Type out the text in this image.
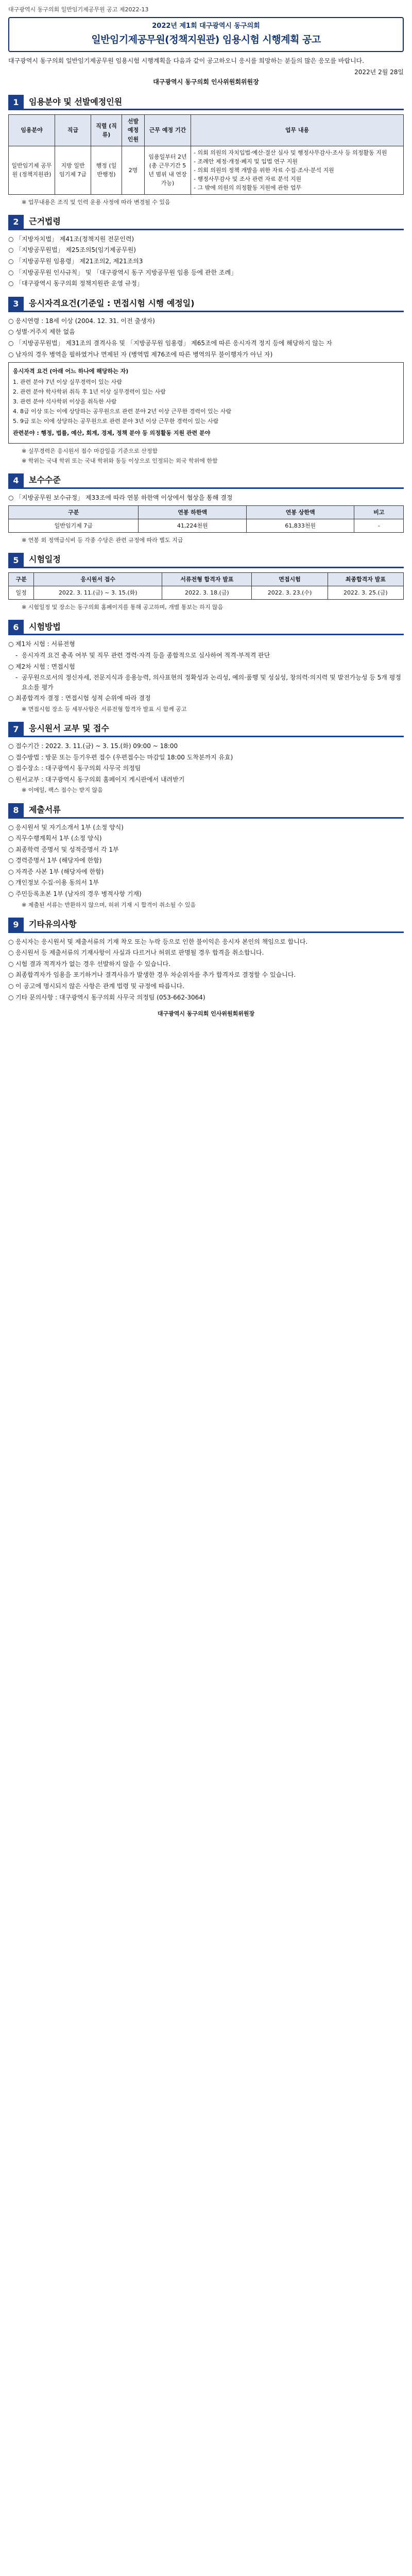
대구광역시 동구의회 일반임기제공무원 공고 제2022-13
2022년 제1회 대구광역시 동구의회
일반임기제공무원(정책지원관) 임용시험 시행계획 공고

대구광역시 동구의회 일반임기제공무원 임용시험 시행계획을 다음과 같이 공고하오니 응시를 희망하는 분들의 많은 응모를 바랍니다.

2022년 2월 28일
대구광역시 동구의회 인사위원회위원장
1	임용분야 및 선발예정인원
임용분야	직급	직렬 (직류)	선발 예정 인원	근무 예정 기간	업무 내용
일반임기제 공무원 (정책지원관)	지방 일반 임기제 7급	행정 (일반행정)	2명	임용일부터 2년 (총 근무기간 5년 범위 내 연장 가능)	- 의회 의원의 자치입법·예산·결산 심사 및 행정사무감사·조사 등 의정활동 지원
- 조례안 제정·개정·폐지 및 입법 연구 지원
- 의회 의원의 정책 개발을 위한 자료 수집·조사·분석 지원
- 행정사무감사 및 조사 관련 자료 분석 지원
- 그 밖에 의원의 의정활동 지원에 관한 업무
※ 업무내용은 조직 및 인력 운용 사정에 따라 변경될 수 있음
2	근거법령
○ 「지방자치법」 제41조(정책지원 전문인력)
○ 「지방공무원법」 제25조의5(임기제공무원)
○ 「지방공무원 임용령」 제21조의2, 제21조의3
○ 「지방공무원 인사규칙」 및 「대구광역시 동구 지방공무원 임용 등에 관한 조례」
○ 「대구광역시 동구의회 정책지원관 운영 규정」
3	응시자격요건(기준일 : 면접시험 시행 예정일)
○ 응시연령 : 18세 이상 (2004. 12. 31. 이전 출생자)
○ 성별·거주지 제한 없음
○ 「지방공무원법」 제31조의 결격사유 및 「지방공무원 임용령」 제65조에 따른 응시자격 정지 등에 해당하지 않는 자
○ 남자의 경우 병역을 필하였거나 면제된 자 (병역법 제76조에 따른 병역의무 불이행자가 아닌 자)
응시자격 요건 (아래 어느 하나에 해당하는 자)
1. 관련 분야 7년 이상 실무경력이 있는 사람
2. 관련 분야 학사학위 취득 후 1년 이상 실무경력이 있는 사람
3. 관련 분야 석사학위 이상을 취득한 사람
4. 8급 이상 또는 이에 상당하는 공무원으로 관련 분야 2년 이상 근무한 경력이 있는 사람
5. 9급 또는 이에 상당하는 공무원으로 관련 분야 3년 이상 근무한 경력이 있는 사람
관련분야 : 행정, 법률, 예산, 회계, 경제, 정책 분야 등 의정활동 지원 관련 분야
※ 실무경력은 응시원서 접수 마감일을 기준으로 산정함
※ 학위는 국내 학위 또는 국내 학위와 동등 이상으로 인정되는 외국 학위에 한함
4	보수수준
○ 「지방공무원 보수규정」 제33조에 따라 연봉 하한액 이상에서 협상을 통해 결정
구분	연봉 하한액	연봉 상한액	비고
일반임기제 7급	41,224천원	61,833천원	-
※ 연봉 외 정액급식비 등 각종 수당은 관련 규정에 따라 별도 지급
5	시험일정
구분	응시원서 접수	서류전형 합격자 발표	면접시험	최종합격자 발표
일정	2022. 3. 11.(금) ~ 3. 15.(화)	2022. 3. 18.(금)	2022. 3. 23.(수)	2022. 3. 25.(금)
※ 시험일정 및 장소는 동구의회 홈페이지를 통해 공고하며, 개별 통보는 하지 않음
6	시험방법
○ 제1차 시험 : 서류전형
- 응시자격 요건 충족 여부 및 직무 관련 경력·자격 등을 종합적으로 심사하여 적격·부적격 판단
○ 제2차 시험 : 면접시험
- 공무원으로서의 정신자세, 전문지식과 응용능력, 의사표현의 정확성과 논리성, 예의·품행 및 성실성, 창의력·의지력 및 발전가능성 등 5개 평정요소를 평가
○ 최종합격자 결정 : 면접시험 성적 순위에 따라 결정
※ 면접시험 장소 등 세부사항은 서류전형 합격자 발표 시 함께 공고
7	응시원서 교부 및 접수
○ 접수기간 : 2022. 3. 11.(금) ~ 3. 15.(화) 09:00 ~ 18:00
○ 접수방법 : 방문 또는 등기우편 접수 (우편접수는 마감일 18:00 도착분까지 유효)
○ 접수장소 : 대구광역시 동구의회 사무국 의정팀
○ 원서교부 : 대구광역시 동구의회 홈페이지 게시판에서 내려받기
※ 이메일, 팩스 접수는 받지 않음
8	제출서류
○ 응시원서 및 자기소개서 1부 (소정 양식)
○ 직무수행계획서 1부 (소정 양식)
○ 최종학력 증명서 및 성적증명서 각 1부
○ 경력증명서 1부 (해당자에 한함)
○ 자격증 사본 1부 (해당자에 한함)
○ 개인정보 수집·이용 동의서 1부
○ 주민등록초본 1부 (남자의 경우 병적사항 기재)
※ 제출된 서류는 반환하지 않으며, 허위 기재 시 합격이 취소될 수 있음
9	기타유의사항
○ 응시자는 응시원서 및 제출서류의 기재 착오 또는 누락 등으로 인한 불이익은 응시자 본인의 책임으로 합니다.
○ 응시원서 등 제출서류의 기재사항이 사실과 다르거나 허위로 판명될 경우 합격을 취소합니다.
○ 시험 결과 적격자가 없는 경우 선발하지 않을 수 있습니다.
○ 최종합격자가 임용을 포기하거나 결격사유가 발생한 경우 차순위자를 추가 합격자로 결정할 수 있습니다.
○ 이 공고에 명시되지 않은 사항은 관계 법령 및 규정에 따릅니다.
○ 기타 문의사항 : 대구광역시 동구의회 사무국 의정팀 (053-662-3064)
대구광역시 동구의회 인사위원회위원장
